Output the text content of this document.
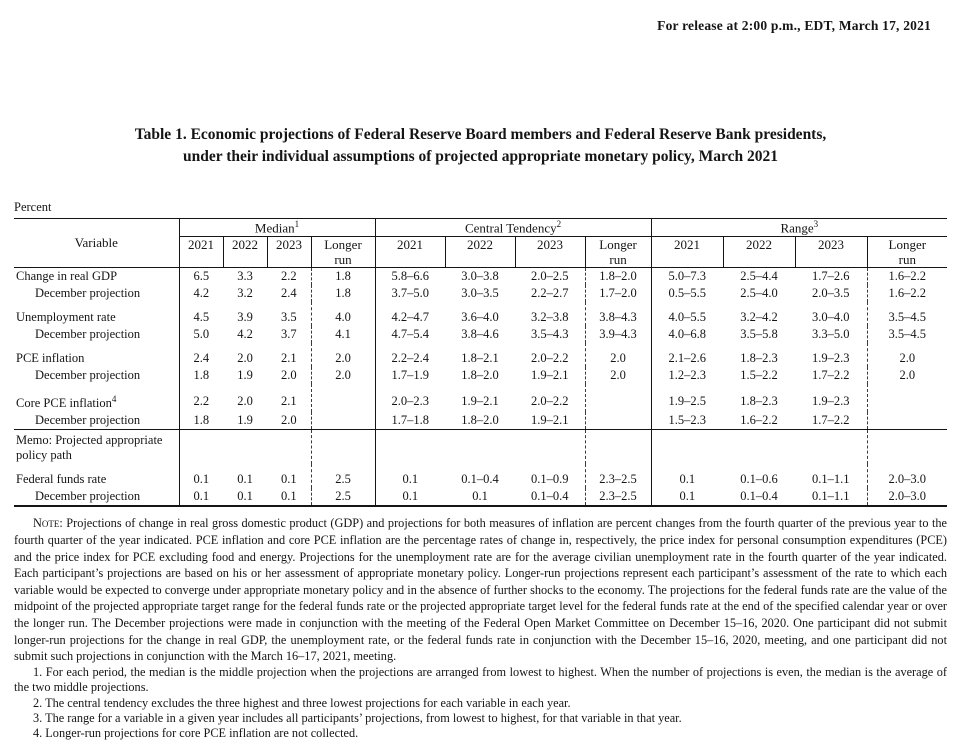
For release at 2:00 p.m., EDT, March 17, 2021
Table 1. Economic projections of Federal Reserve Board members and Federal Reserve Bank presidents,
under their individual assumptions of projected appropriate monetary policy, March 2021
Percent
Variable	Median$^1$				Central Tendency$^2$				Range$^3$
	2021	2022	2023	Longer run	2021	2022	2023	Longer run	2021	2022	2023	Longer run
Change in real GDP	6.5	3.3	2.2	1.8	5.8–6.6	3.0–3.8	2.0–2.5	1.8–2.0	5.0–7.3	2.5–4.4	1.7–2.6	1.6–2.2
December projection	4.2	3.2	2.4	1.8	3.7–5.0	3.0–3.5	2.2–2.7	1.7–2.0	0.5–5.5	2.5–4.0	2.0–3.5	1.6–2.2
Unemployment rate	4.5	3.9	3.5	4.0	4.2–4.7	3.6–4.0	3.2–3.8	3.8–4.3	4.0–5.5	3.2–4.2	3.0–4.0	3.5–4.5
December projection	5.0	4.2	3.7	4.1	4.7–5.4	3.8–4.6	3.5–4.3	3.9–4.3	4.0–6.8	3.5–5.8	3.3–5.0	3.5–4.5
PCE inflation	2.4	2.0	2.1	2.0	2.2–2.4	1.8–2.1	2.0–2.2	2.0	2.1–2.6	1.8–2.3	1.9–2.3	2.0
December projection	1.8	1.9	2.0	2.0	1.7–1.9	1.8–2.0	1.9–2.1	2.0	1.2–2.3	1.5–2.2	1.7–2.2	2.0
Core PCE inflation$^4$	2.2	2.0	2.1		2.0–2.3	1.9–2.1	2.0–2.2		1.9–2.5	1.8–2.3	1.9–2.3	
December projection	1.8	1.9	2.0		1.7–1.8	1.8–2.0	1.9–2.1		1.5–2.3	1.6–2.2	1.7–2.2	
Memo: Projected appropriate policy path												
Federal funds rate	0.1	0.1	0.1	2.5	0.1	0.1–0.4	0.1–0.9	2.3–2.5	0.1	0.1–0.6	0.1–1.1	2.0–3.0
December projection	0.1	0.1	0.1	2.5	0.1	0.1	0.1–0.4	2.3–2.5	0.1	0.1–0.4	0.1–1.1	2.0–3.0

Note: Projections of change in real gross domestic product (GDP) and projections for both measures of inflation are percent changes from the fourth quarter of the previous year to the fourth quarter of the year indicated. PCE inflation and core PCE inflation are the percentage rates of change in, respectively, the price index for personal consumption expenditures (PCE) and the price index for PCE excluding food and energy. Projections for the unemployment rate are for the average civilian unemployment rate in the fourth quarter of the year indicated. Each participant’s projections are based on his or her assessment of appropriate monetary policy. Longer-run projections represent each participant’s assessment of the rate to which each variable would be expected to converge under appropriate monetary policy and in the absence of further shocks to the economy. The projections for the federal funds rate are the value of the midpoint of the projected appropriate target range for the federal funds rate or the projected appropriate target level for the federal funds rate at the end of the specified calendar year or over the longer run. The December projections were made in conjunction with the meeting of the Federal Open Market Committee on December 15–16, 2020. One participant did not submit longer-run projections for the change in real GDP, the unemployment rate, or the federal funds rate in conjunction with the December 15–16, 2020, meeting, and one participant did not submit such projections in conjunction with the March 16–17, 2021, meeting.

1. For each period, the median is the middle projection when the projections are arranged from lowest to highest. When the number of projections is even, the median is the average of the two middle projections.

2. The central tendency excludes the three highest and three lowest projections for each variable in each year.

3. The range for a variable in a given year includes all participants’ projections, from lowest to highest, for that variable in that year.

4. Longer-run projections for core PCE inflation are not collected.
